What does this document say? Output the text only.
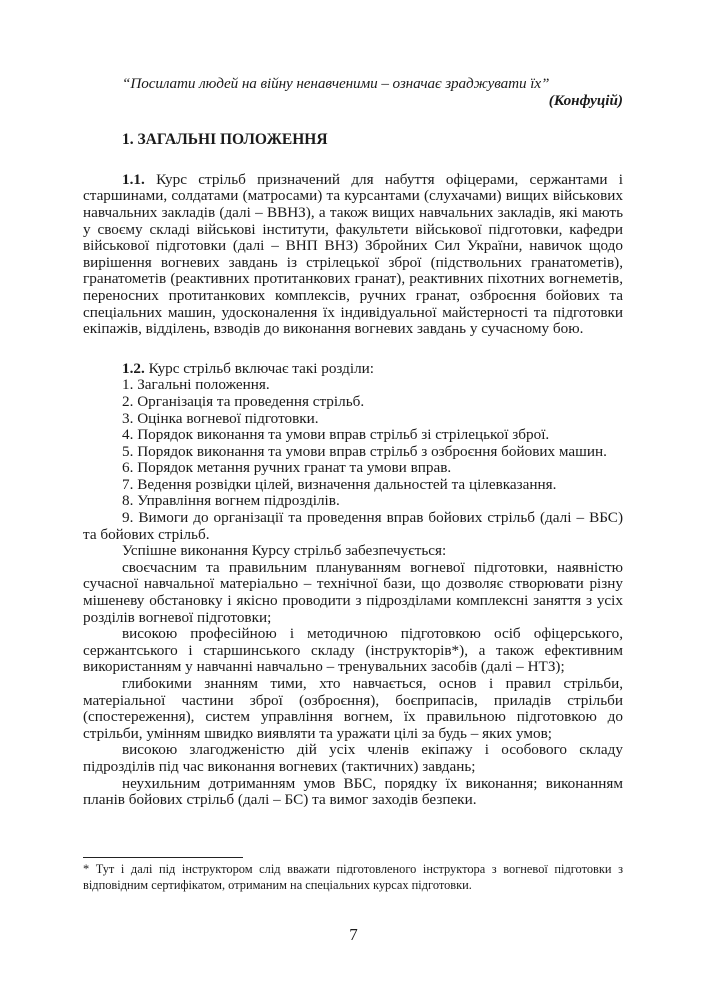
“Посилати людей на війну ненавченими – означає зраджувати їх”
(Конфуцій)
1. ЗАГАЛЬНІ ПОЛОЖЕННЯ

1.1. Курс стрільб призначений для набуття офіцерами, сержантами і старшинами, солдатами (матросами) та курсантами (слухачами) вищих військових навчальних закладів (далі – ВВНЗ), а також вищих навчальних закладів, які мають у своєму складі військові інститути, факультети військової підготовки, кафедри військової підготовки (далі – ВНП ВНЗ) Збройних Сил України, навичок щодо вирішення вогневих завдань із стрілецької зброї (підствольних гранатометів), гранатометів (реактивних протитанкових гранат), реактивних піхотних вогнеметів, переносних протитанкових комплексів, ручних гранат, озброєння бойових та спеціальних машин, удосконалення їх індивідуальної майстерності та підготовки екіпажів, відділень, взводів до виконання вогневих завдань у сучасному бою.

1.2. Курс стрільб включає такі розділи:

1. Загальні положення.

2. Організація та проведення стрільб.

3. Оцінка вогневої підготовки.

4. Порядок виконання та умови вправ стрільб зі стрілецької зброї.

5. Порядок виконання та умови вправ стрільб з озброєння бойових машин.

6. Порядок метання ручних гранат та умови вправ.

7. Ведення розвідки цілей, визначення дальностей та цілевказання.

8. Управління вогнем підрозділів.

9. Вимоги до організації та проведення вправ бойових стрільб (далі – ВБС) та бойових стрільб.

Успішне виконання Курсу стрільб забезпечується:

своєчасним та правильним плануванням вогневої підготовки, наявністю сучасної навчальної матеріально – технічної бази, що дозволяє створювати різну мішеневу обстановку і якісно проводити з підрозділами комплексні заняття з усіх розділів вогневої підготовки;

високою професійною і методичною підготовкою осіб офіцерського, сержантського і старшинського складу (інструкторів*), а також ефективним використанням у навчанні навчально – тренувальних засобів (далі – НТЗ);

глибокими знанням тими, хто навчається, основ і правил стрільби, матеріальної частини зброї (озброєння), боєприпасів, приладів стрільби (спостереження), систем управління вогнем, їх правильною підготовкою до стрільби, умінням швидко виявляти та уражати цілі за будь – яких умов;

високою злагодженістю дій усіх членів екіпажу і особового складу підрозділів під час виконання вогневих (тактичних) завдань;

неухильним дотриманням умов ВБС, порядку їх виконання; виконанням планів бойових стрільб (далі – БС) та вимог заходів безпеки.

* Тут і далі під інструктором слід вважати підготовленого інструктора з вогневої підготовки з відповідним сертифікатом, отриманим на спеціальних курсах підготовки.
7
